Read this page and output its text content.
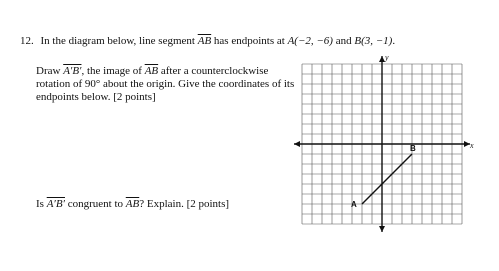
12. In the diagram below, line segment $\overline{AB}$ has endpoints at A(−2, −6) and B(3, −1).

Draw A′B′, the image of $\overline{AB}$ after a counterclockwise rotation of 90° about the origin. Give the coordinates of its endpoints below. [2 points]

Is A′B′ congruent to $\overline{AB}$? Explain. [2 points]
x
y
A
B
